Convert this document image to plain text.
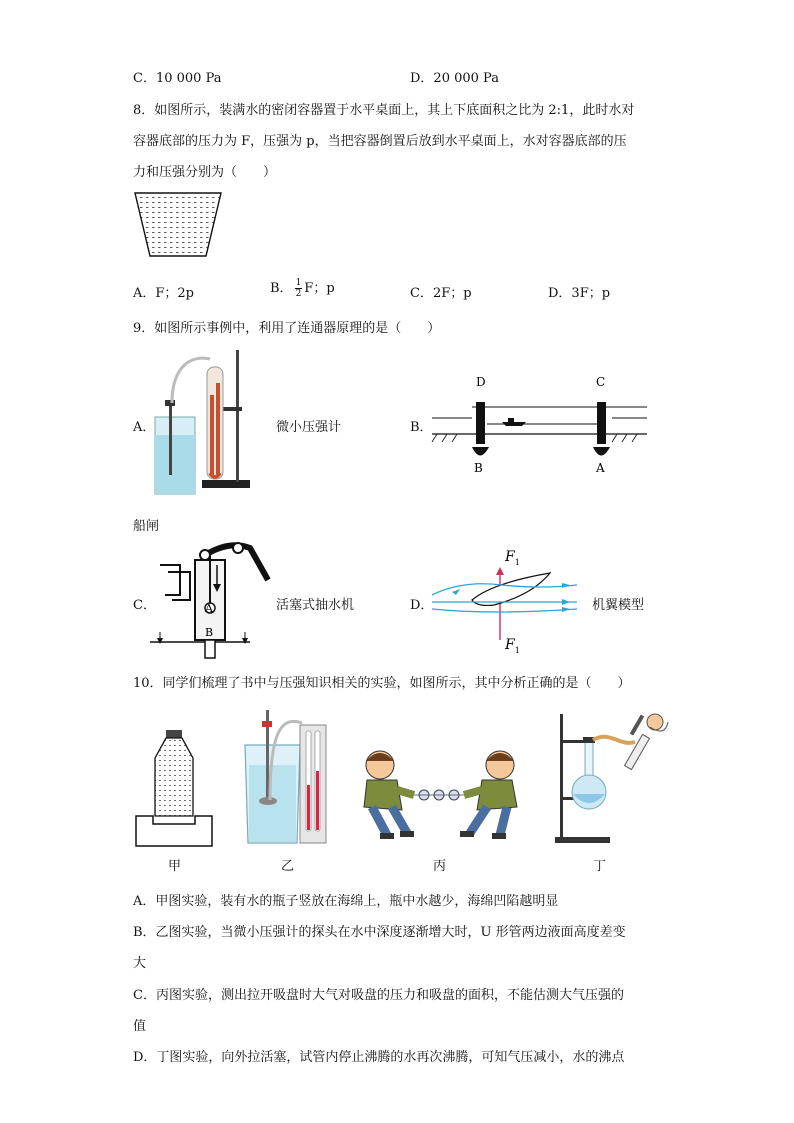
C．10 000 Pa	D．20 000 Pa
8．如图所示，装满水的密闭容器置于水平桌面上，其上下底面积之比为 2:1，此时水对
容器底部的压力为 F，压强为 p，当把容器倒置后放到水平桌面上，水对容器底部的压
力和压强分别为（　　）
A．F；2p	B． $\frac{1}{2}$ F；p	C．2F；p	D．3F；p
9．如图所示事例中，利用了连通器原理的是（　　）
A．	微小压强计	B．
D	C
B	A
船闸
C．	A
B
活塞式抽水机	D．
$F_1$
$F_1$
机翼模型
10．同学们梳理了书中与压强知识相关的实验，如图所示，其中分析正确的是（　　）
甲	乙	丙	丁
A．甲图实验，装有水的瓶子竖放在海绵上，瓶中水越少，海绵凹陷越明显
B．乙图实验，当微小压强计的探头在水中深度逐渐增大时，U 形管两边液面高度差变
大
C．丙图实验，测出拉开吸盘时大气对吸盘的压力和吸盘的面积，不能估测大气压强的
值
D．丁图实验，向外拉活塞，试管内停止沸腾的水再次沸腾，可知气压减小，水的沸点
